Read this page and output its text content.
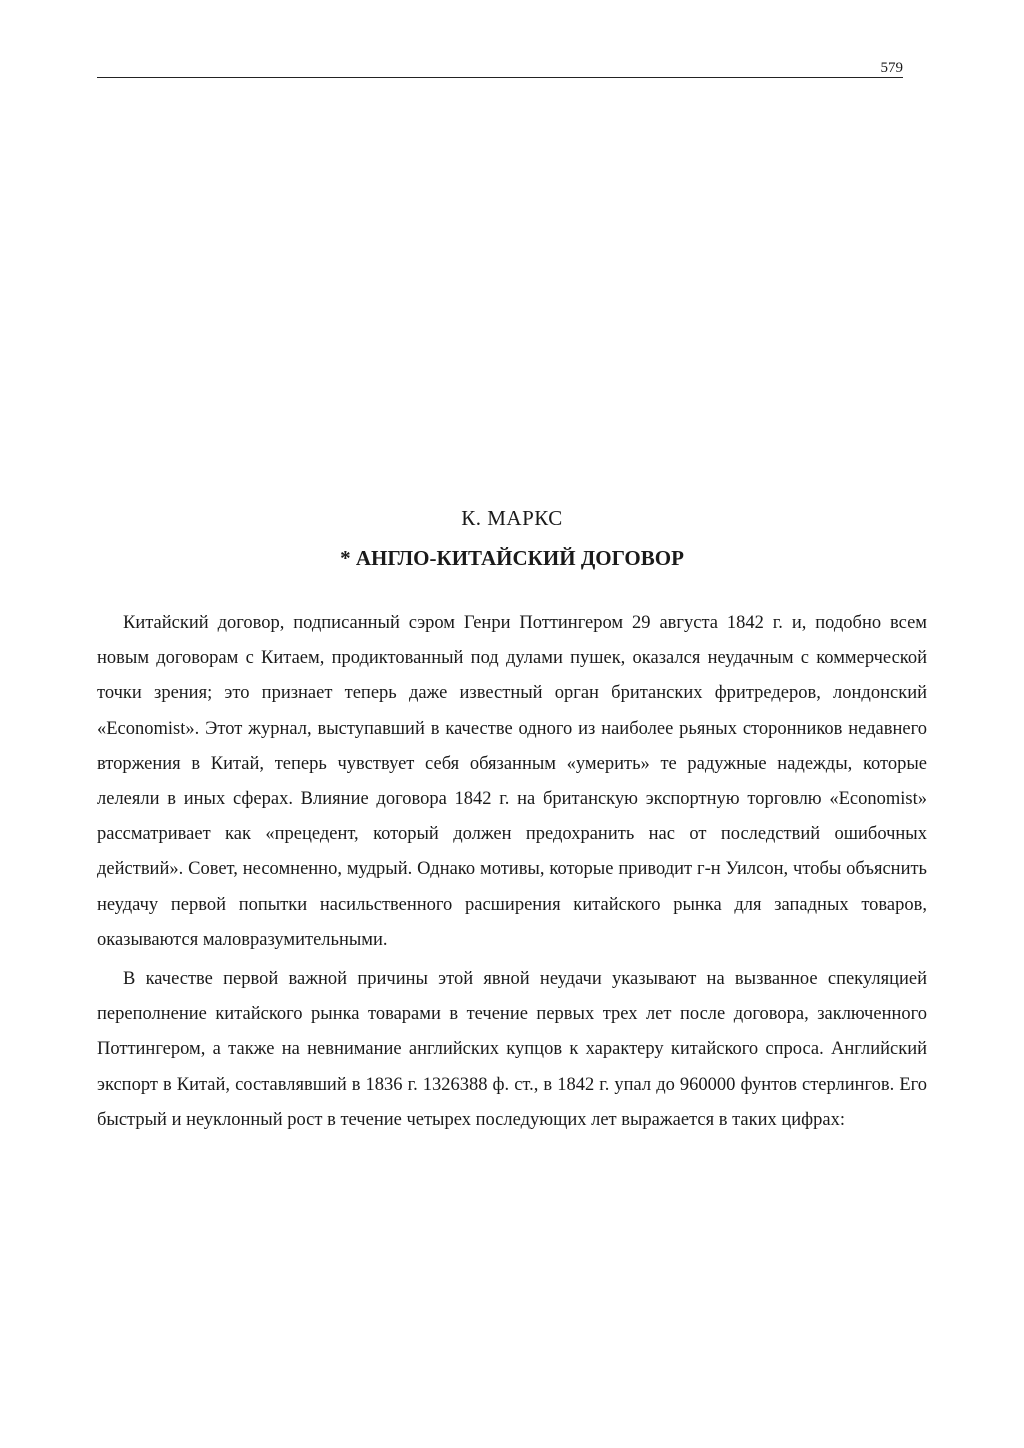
579
К. МАРКС
* АНГЛО-КИТАЙСКИЙ ДОГОВОР

Китайский договор, подписанный сэром Генри Поттингером 29 августа 1842 г. и, подобно всем новым договорам с Китаем, продиктованный под дулами пушек, оказался неудачным с коммерческой точки зрения; это признает теперь даже известный орган британских фритредеров, лондонский «Economist». Этот журнал, выступавший в качестве одного из наиболее рьяных сторонников недавнего вторжения в Китай, теперь чувствует себя обязанным «умерить» те радужные надежды, которые лелеяли в иных сферах. Влияние договора 1842 г. на британскую экспортную торговлю «Economist» рассматривает как «прецедент, который должен предохранить нас от последствий ошибочных действий». Совет, несомненно, мудрый. Однако мотивы, которые приводит г-н Уилсон, чтобы объяснить неудачу первой попытки насильственного расширения китайского рынка для западных товаров, оказываются маловразумительными.

В качестве первой важной причины этой явной неудачи указывают на вызванное спекуляцией переполнение китайского рынка товарами в течение первых трех лет после договора, заключенного Поттингером, а также на невнимание английских купцов к характеру китайского спроса. Английский экспорт в Китай, составлявший в 1836 г. 1326388 ф. ст., в 1842 г. упал до 960000 фунтов стерлингов. Его быстрый и неуклонный рост в течение четырех последующих лет выражается в таких цифрах:
